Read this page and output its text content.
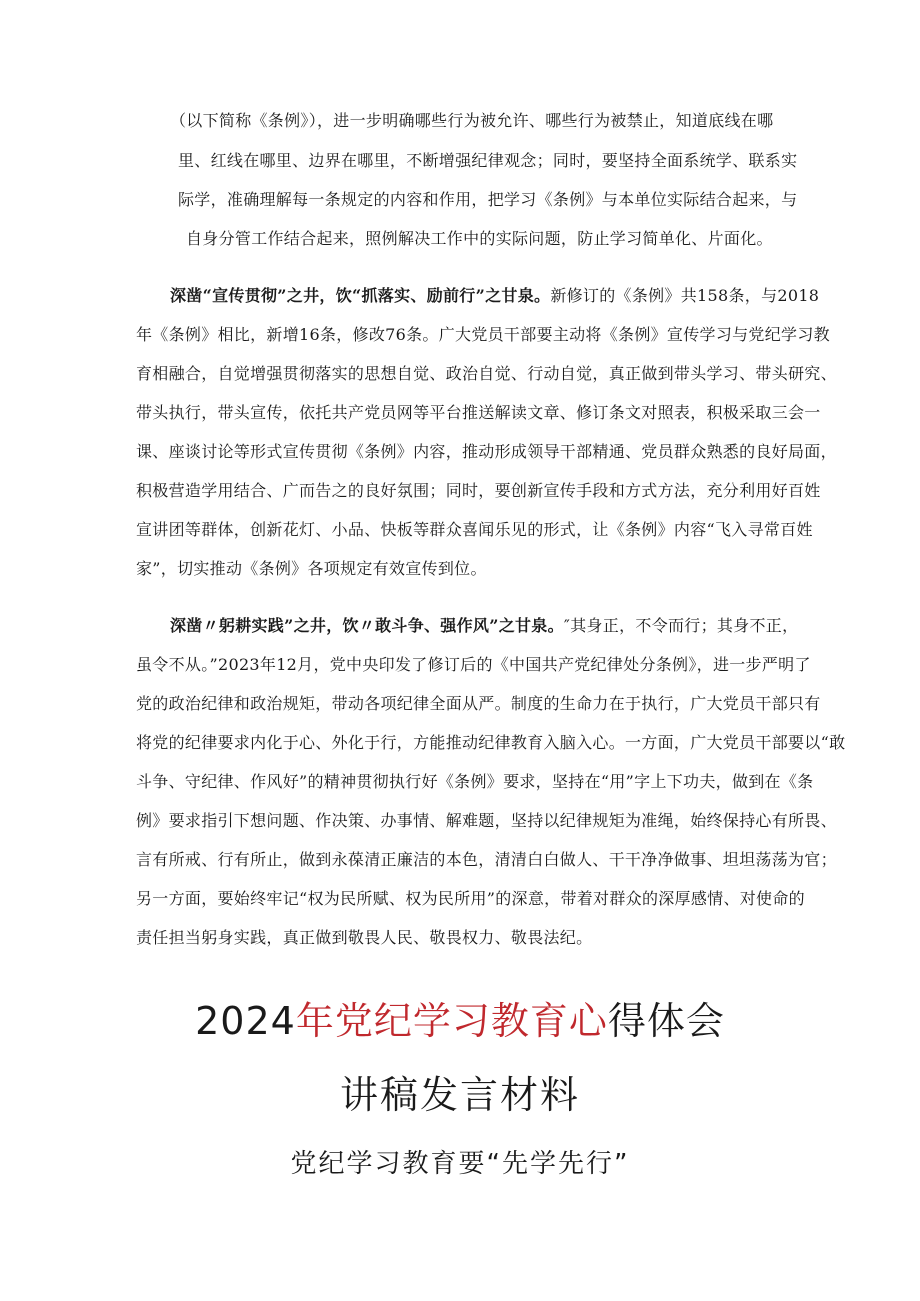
（以下简称《条例》），进一步明确哪些行为被允许、哪些行为被禁止，知道底线在哪
里、红线在哪里、边界在哪里，不断增强纪律观念；同时，要坚持全面系统学、联系实
际学，准确理解每一条规定的内容和作用，把学习《条例》与本单位实际结合起来，与
自身分管工作结合起来，照例解决工作中的实际问题，防止学习简单化、片面化。
深凿“宣传贯彻”之井，饮“抓落实、励前行”之甘泉。新修订的《条例》共158条，与2018
年《条例》相比，新增16条，修改76条。广大党员干部要主动将《条例》宣传学习与党纪学习教
育相融合，自觉增强贯彻落实的思想自觉、政治自觉、行动自觉，真正做到带头学习、带头研究、
带头执行，带头宣传，依托共产党员网等平台推送解读文章、修订条文对照表，积极采取三会一
课、座谈讨论等形式宣传贯彻《条例》内容，推动形成领导干部精通、党员群众熟悉的良好局面，
积极营造学用结合、广而告之的良好氛围；同时，要创新宣传手段和方式方法，充分利用好百姓
宣讲团等群体，创新花灯、小品、快板等群众喜闻乐见的形式，让《条例》内容“飞入寻常百姓
家”，切实推动《条例》各项规定有效宣传到位。
深凿〃躬耕实践”之井，饮〃敢斗争、强作风”之甘泉。″其身正，不令而行；其身不正，
虽令不从。”2023年12月，党中央印发了修订后的《中国共产党纪律处分条例》，进一步严明了
党的政治纪律和政治规矩，带动各项纪律全面从严。制度的生命力在于执行，广大党员干部只有
将党的纪律要求内化于心、外化于行，方能推动纪律教育入脑入心。一方面，广大党员干部要以“敢
斗争、守纪律、作风好”的精神贯彻执行好《条例》要求，坚持在“用”字上下功夫，做到在《条
例》要求指引下想问题、作决策、办事情、解难题，坚持以纪律规矩为准绳，始终保持心有所畏、
言有所戒、行有所止，做到永葆清正廉洁的本色，清清白白做人、干干净净做事、坦坦荡荡为官；
另一方面，要始终牢记“权为民所赋、权为民所用”的深意，带着对群众的深厚感情、对使命的
责任担当躬身实践，真正做到敬畏人民、敬畏权力、敬畏法纪。
2024年党纪学习教育心得体会
讲稿发言材料
党纪学习教育要“先学先行”
